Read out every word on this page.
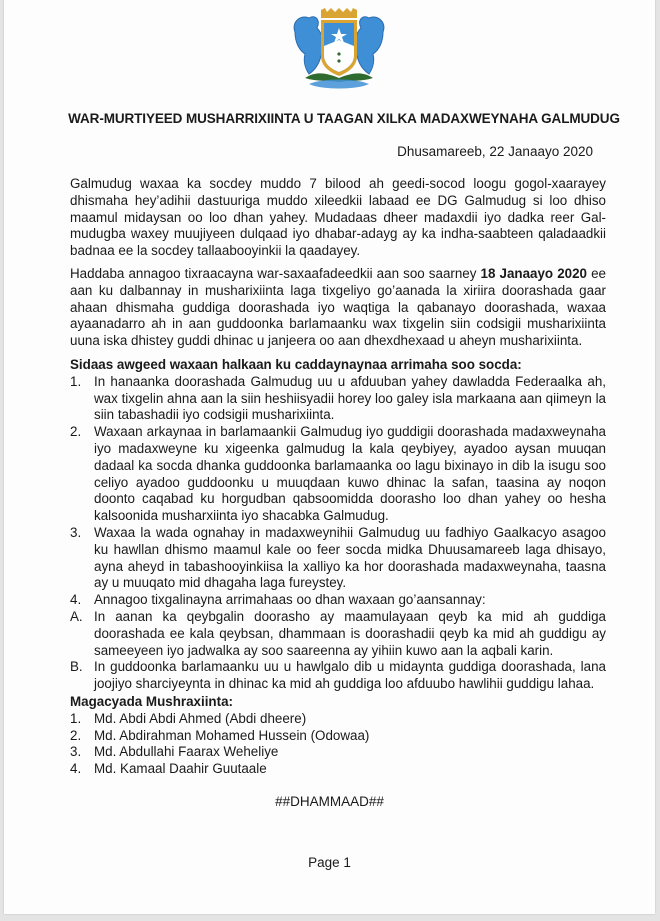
WAR-MURTIYEED MUSHARRIXIINTA U TAAGAN XILKA MADAXWEYNAHA GALMUDUG
Dhusamareeb, 22 Janaayo 2020
Galmudug waxaa ka socdey muddo 7 bilood ah geedi-socod loogu gogol-xaarayey dhismaha hey’adihii dastuuriga muddo xileedkii labaad ee DG Galmudug si loo dhiso maamul midaysan oo loo dhan yahey. Mudadaas dheer madaxdii iyo dadka reer Gal-mudugba waxey muujiyeen dulqaad iyo dhabar-adayg ay ka indha-saabteen qaladaadkii badnaa ee la socdey tallaabooyinkii la qaadayey.
Haddaba annagoo tixraacayna war-saxaafadeedkii aan soo saarney 18 Janaayo 2020 ee aan ku dalbannay in musharixiinta laga tixgeliyo go’aanada la xiriira doorashada gaar ahaan dhismaha guddiga doorashada iyo waqtiga la qabanayo doorashada, waxaa ayaanadarro ah in aan guddoonka barlamaanku wax tixgelin siin codsigii musharixiinta uuna iska dhistey guddi dhinac u janjeera oo aan dhexdhexaad u aheyn musharixiinta.
Sidaas awgeed waxaan halkaan ku caddaynaynaa arrimaha soo socda:
1. In hanaanka doorashada Galmudug uu u afduuban yahey dawladda Federaalka ah, wax tixgelin ahna aan la siin heshiisyadii horey loo galey isla markaana aan qiimeyn la siin tabashadii iyo codsigii musharixiinta.
2. Waxaan arkaynaa in barlamaankii Galmudug iyo guddigii doorashada madaxweynaha iyo madaxweyne ku xigeenka galmudug la kala qeybiyey, ayadoo aysan muuqan dadaal ka socda dhanka guddoonka barlamaanka oo lagu bixinayo in dib la isugu soo celiyo ayadoo guddoonku u muuqdaan kuwo dhinac la safan, taasina ay noqon doonto caqabad ku horgudban qabsoomidda doorasho loo dhan yahey oo hesha kalsoonida musharxiinta iyo shacabka Galmudug.
3. Waxaa la wada ognahay in madaxweynihii Galmudug uu fadhiyo Gaalkacyo asagoo ku hawllan dhismo maamul kale oo feer socda midka Dhuusamareeb laga dhisayo, ayna aheyd in tabashooyinkiisa la xalliyo ka hor doorashada madaxweynaha, taasna ay u muuqato mid dhagaha laga fureystey.
4. Annagoo tixgalinayna arrimahaas oo dhan waxaan go’aansannay:
A. In aanan ka qeybgalin doorasho ay maamulayaan qeyb ka mid ah guddiga doorashada ee kala qeybsan, dhammaan is doorashadii qeyb ka mid ah guddigu ay sameeyeen iyo jadwalka ay soo saareenna ay yihiin kuwo aan la aqbali karin.
B. In guddoonka barlamaanku uu u hawlgalo dib u midaynta guddiga doorashada, lana joojiyo sharciyeynta in dhinac ka mid ah guddiga loo afduubo hawlihii guddigu lahaa.
Magacyada Mushraxiinta:
1. Md. Abdi Abdi Ahmed (Abdi dheere)
2. Md. Abdirahman Mohamed Hussein (Odowaa)
3. Md. Abdullahi Faarax Weheliye
4. Md. Kamaal Daahir Guutaale
##DHAMMAAD##
Page 1
